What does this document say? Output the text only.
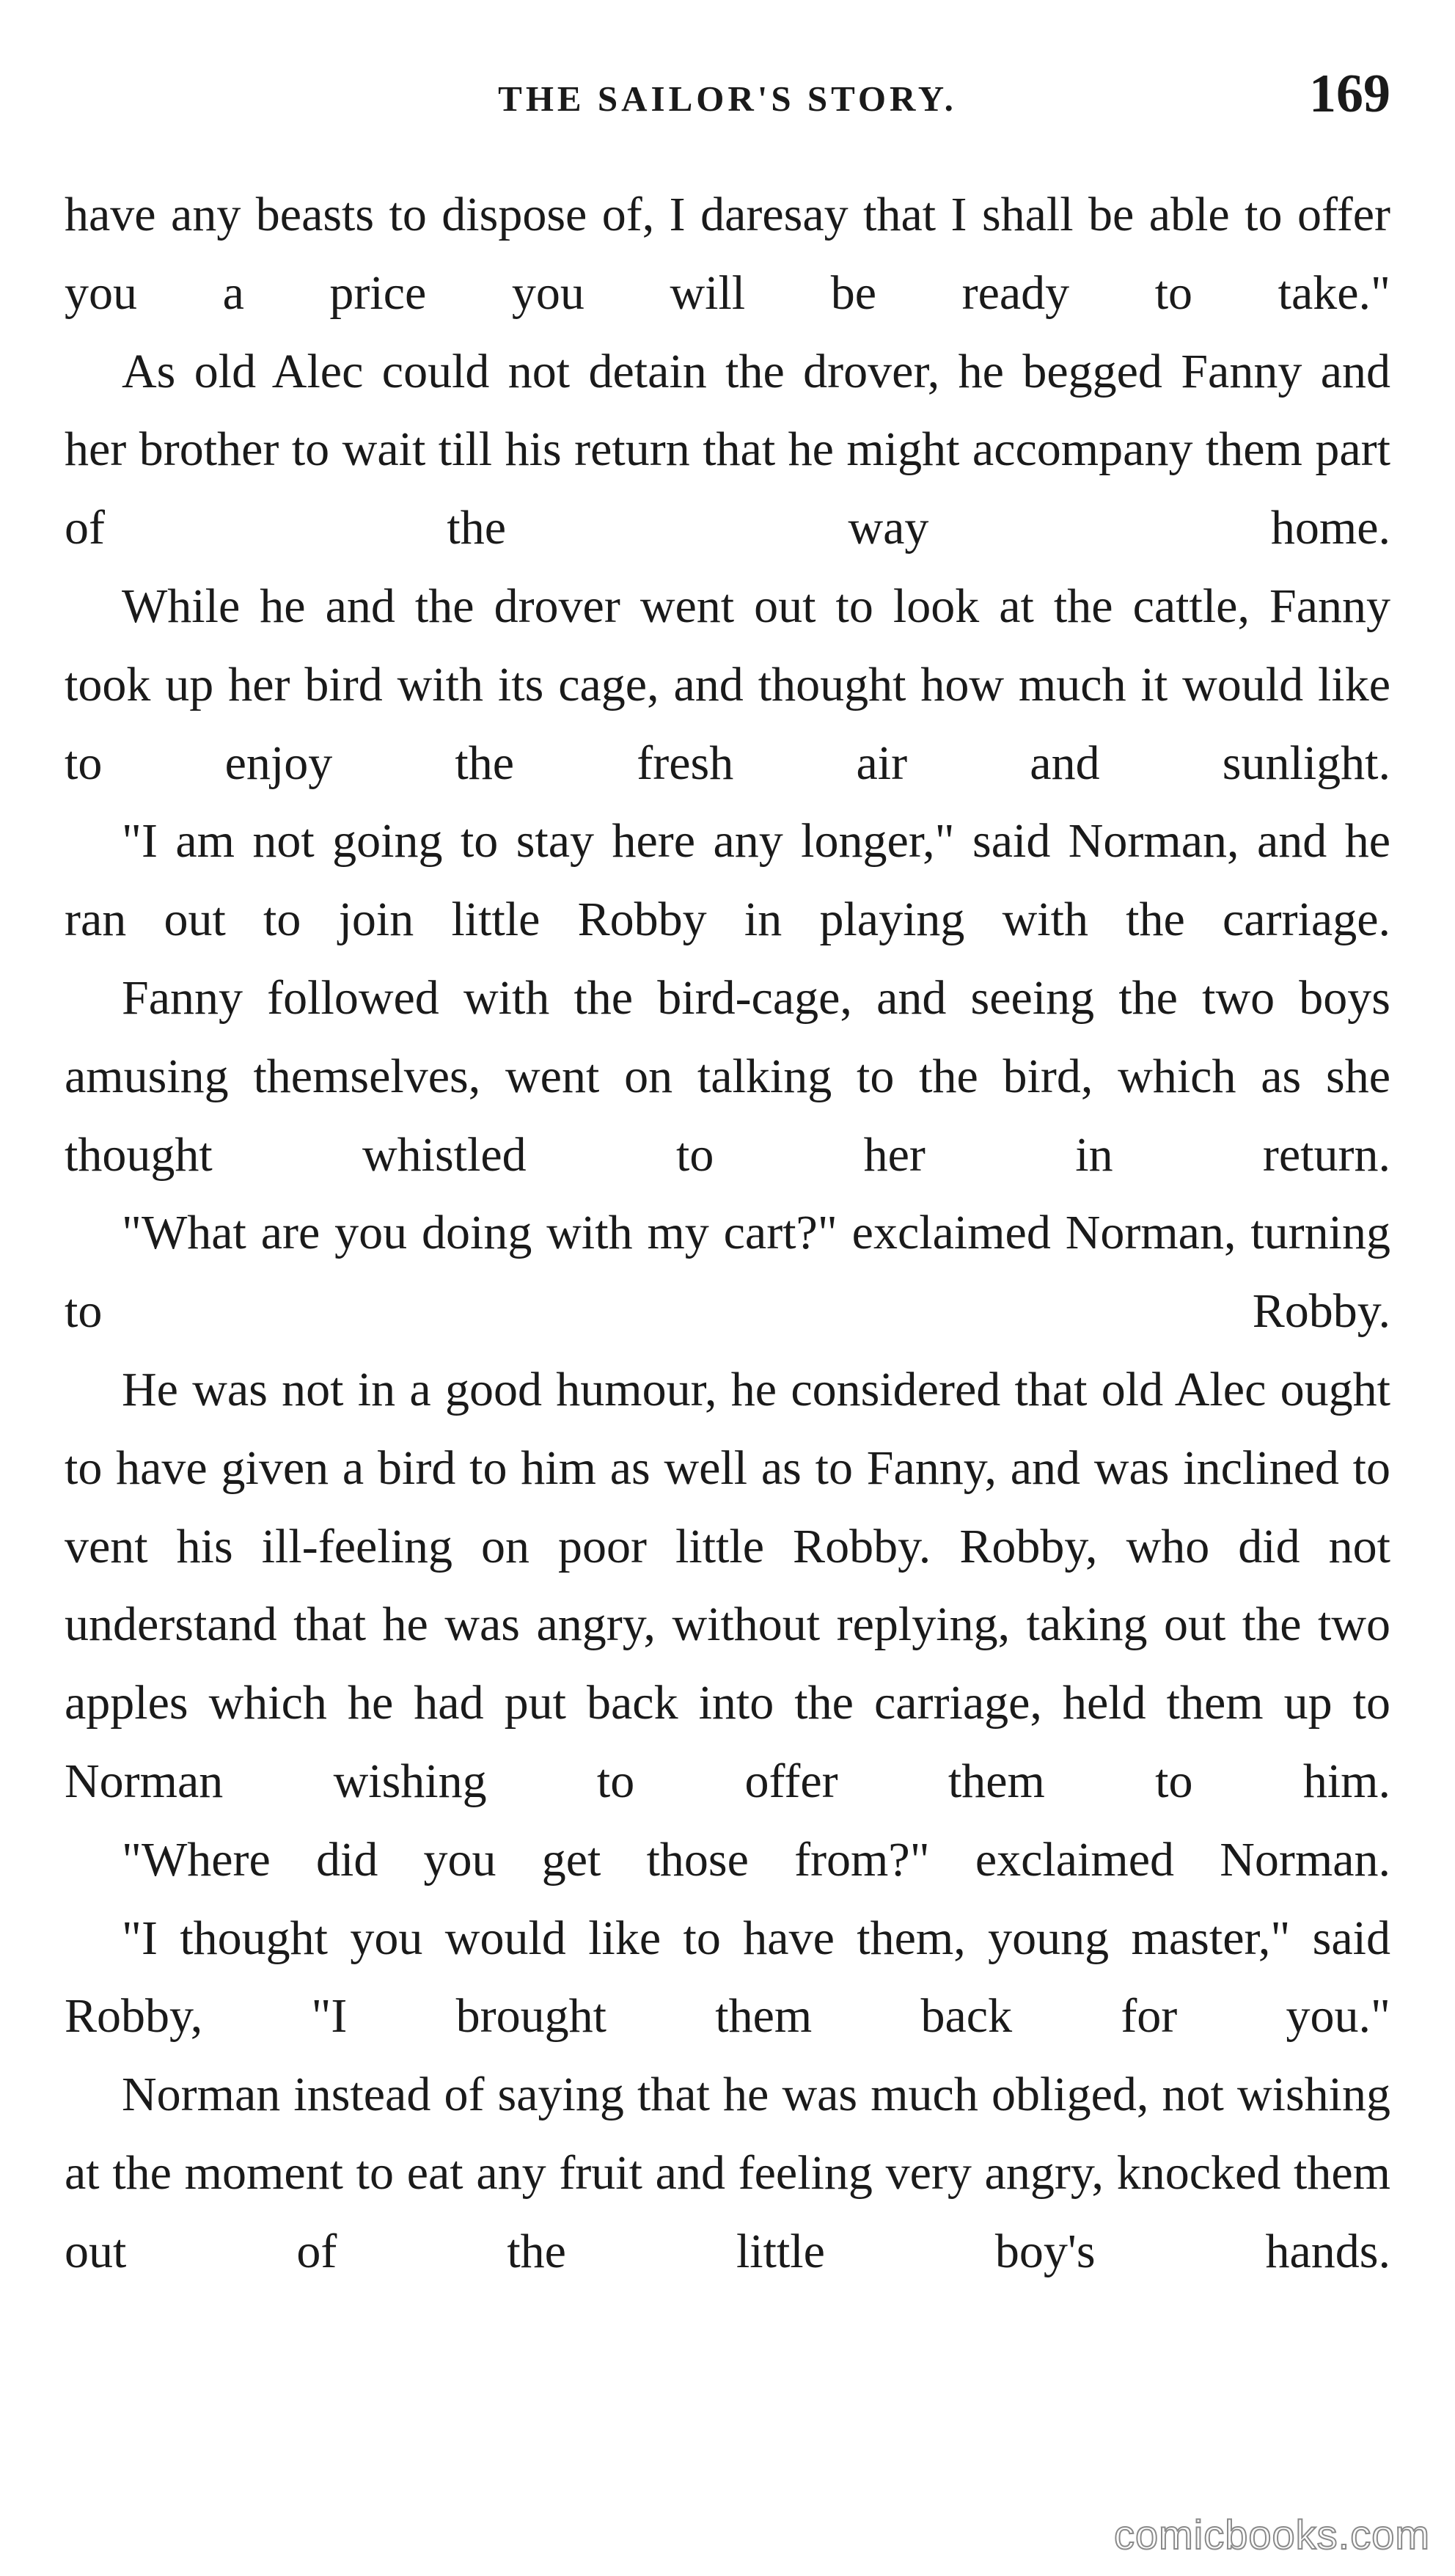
THE SAILOR'S STORY.	169

have any beasts to dispose of, I daresay that I shall be able to offer you a price you will be ready to take."

As old Alec could not detain the drover, he begged Fanny and her brother to wait till his return that he might accompany them part of the way home.

While he and the drover went out to look at the cattle, Fanny took up her bird with its cage, and thought how much it would like to enjoy the fresh air and sunlight.

"I am not going to stay here any longer," said Norman, and he ran out to join little Robby in playing with the carriage.

Fanny followed with the bird-cage, and seeing the two boys amusing themselves, went on talking to the bird, which as she thought whistled to her in return.

"What are you doing with my cart?" exclaimed Norman, turning to Robby.

He was not in a good humour, he considered that old Alec ought to have given a bird to him as well as to Fanny, and was inclined to vent his ill-feeling on poor little Robby. Robby, who did not understand that he was angry, without replying, taking out the two apples which he had put back into the carriage, held them up to Norman wishing to offer them to him.

"Where did you get those from?" exclaimed Norman.

"I thought you would like to have them, young master," said Robby, "I brought them back for you."

Norman instead of saying that he was much obliged, not wishing at the moment to eat any fruit and feeling very angry, knocked them out of the little boy's hands.

comicbooks.com
